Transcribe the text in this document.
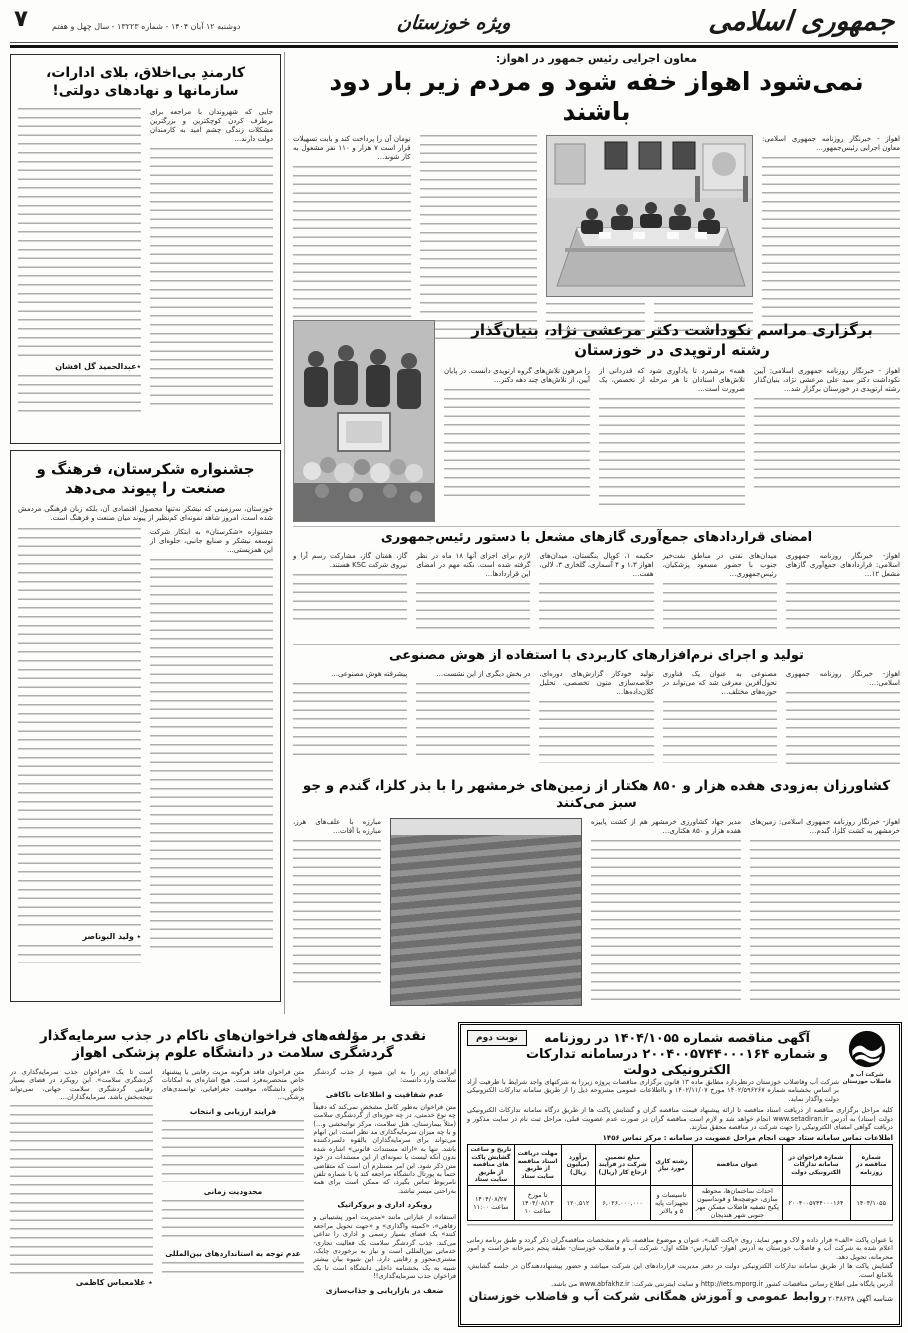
جمهوری اسلامی
ویژه خوزستان
دوشنبه ۱۲ آبان ۱۴۰۴ - شماره ۱۳۲۲۳ - سال چهل و هفتم
۷
کارمندِ بی‌اخلاق، بلای ادارات، سازمانها و نهادهای دولتی!

جایی که شهروندان با مراجعه برای برطرف کردن کوچکترین و بزرگترین مشکلات زندگی چشم امید به کارمندان دولت دارند…

٭عبدالحمید گل افشان
جشنواره شکرستان، فرهنگ و صنعت را پیوند می‌دهد

خوزستان، سرزمینی که نیشکر نه‌تنها محصول اقتصادی آن، بلکه زبان فرهنگی مردمش شده است، امروز شاهد نمونه‌ای کم‌نظیر از پیوند میان صنعت و فرهنگ است.

جشنواره «شکرستان» به ابتکار شرکت توسعه نیشکر و صنایع جانبی، جلوه‌ای از این همزیستی…

٭ ولید البوناصر
معاون اجرایی رئیس جمهور در اهواز:
نمی‌شود اهواز خفه شود و مردم زیر بار دود باشند

اهواز - خبرنگار روزنامه جمهوری اسلامی: معاون اجرایی رئیس‌جمهور…

تومان آن را پرداخت کند و بابت تسهیلات قرار است ۷ هزار و ۱۱۰ نفر مشغول به کار شوند…

برگزاری مراسم نکوداشت دکتر مرعشی نژاد، بنیان‌گذار رشته ارتوپدی در خوزستان

اهواز - خبرنگار روزنامه جمهوری اسلامی: آیین نکوداشت دکتر سید علی مرعشی نژاد، بنیان‌گذار رشته ارتوپدی در خوزستان برگزار شد…

همه» برشمرد تا یادآوری شود که قدردانی از تلاش‌های استادان تا هر مرحله از تخصص، یک ضرورت است…

را مرهون تلاش‌های گروه ارتوپدی دانست. در پایان آیین، از تلاش‌های چند دهه دکتر…

امضای قراردادهای جمع‌آوری گازهای مشعل با دستور رئیس‌جمهوری

اهواز- خبرنگار روزنامه جمهوری اسلامی: قراردادهای جمع‌آوری گازهای مشعل ۱۲…

میدان‌های نفتی در مناطق نفت‌خیز جنوب با حضور مسعود پزشکیان، رئیس‌جمهوری…

حکیمه ۱، کوپال بنگستان، میدان‌های اهواز ۱،۳ و ۴ آسماری، گلخاری ۳، لالی، هفت…

لازم برای اجرای آنها ۱۸ ماه در نظر گرفته شده است. نکته مهم در امضای این قراردادها…

گاز، هفتان گاز، مشارکت رسم آرا و نیروی شرکت KSC هستند.

تولید و اجرای نرم‌افزارهای کاربردی با استفاده از هوش مصنوعی

اهواز- خبرنگار روزنامه جمهوری اسلامی:…

مصنوعی به عنوان یک فناوری تحول‌آفرین معرفی شد که می‌تواند در حوزه‌های مختلف…

تولید خودکار گزارش‌های دوره‌ای، خلاصه‌سازی متون تخصصی، تحلیل کلان‌داده‌ها…

در بخش دیگری از این نشست…

پیشرفته هوش مصنوعی…

کشاورزان به‌زودی هفده هزار و ۸۵۰ هکتار از زمین‌های خرمشهر را با بذر کلزا، گندم و جو سبز می‌کنند

اهواز- خبرنگار روزنامه جمهوری اسلامی: زمین‌های خرمشهر به کشت کلزا، گندم…

مدیر جهاد کشاورزی خرمشهر هم از کشت پاییزه هفده هزار و ۸۵۰ هکتاری…

مبارزه با علف‌های هرز، مبارزه با آفات…

نقدی بر مؤلفه‌های فراخوان‌های ناکام در جذب سرمایه‌گذار گردشگری سلامت در دانشگاه علوم پزشکی اهواز

ایرادهای زیر را به این شیوه از جذب گردشگر سلامت وارد دانست:

عدم شفافیت و اطلاعات ناکافی

متن فراخوان به‌طور کامل مشخص نمی‌کند که دقیقاً چه نوع خدمتی، در چه حوزه‌ای از گردشگری سلامت (مثلاً بیمارستان، هتل سلامت، مرکز توانبخشی و…) و با چه میزان سرمایه‌گذاری مد نظر است. این ابهام می‌تواند برای سرمایه‌گذاران بالقوه دلسردکننده باشد. تنها به «ارائه مستندات قانونی» اشاره شده بدون آنکه لیست یا نمونه‌ای از این مستندات در خود متن ذکر شود. این امر مستلزم آن است که متقاضی حتماً به پورتال دانشگاه مراجعه کند یا با شماره تلفن نامربوط تماس بگیرد، که ممکن است برای همه به‌راحتی میسر نباشد.

رویکرد اداری و بروکراتیک

استفاده از عباراتی مانند «مدیریت امور پشتیبانی و رفاهی»، «کمیته واگذاری» و «جهت تحویل مراجعه کنند» یک فضای بسیار رسمی و اداری را تداعی می‌کند. جذب گردشگر سلامت یک فعالیت تجاری-خدماتی بین‌المللی است و نیاز به برخوردی چابک، مشتری‌محور و رقابتی دارد. این شیوه بیان بیشتر شبیه به یک بخشنامه داخلی دانشگاه است تا یک فراخوان جذب سرمایه‌گذاری!!

ضعف در بازاریابی و جذاب‌سازی

متن فراخوان فاقد هرگونه مزیت رقابتی یا پیشنهاد خاص منحصربه‌فرد است. هیچ اشاره‌ای به امکانات خاص دانشگاه، موقعیت جغرافیایی، توانمندی‌های پزشکی…

فرایند ارزیابی و انتخاب
محدودیت زمانی
عدم توجه به استانداردهای بین‌المللی

است تا یک «فراخوان جذب سرمایه‌گذاری در گردشگری سلامت». این رویکرد در فضای بسیار رقابتی گردشگری سلامت جهانی، نمی‌تواند نتیجه‌بخش باشد. سرمایه‌گذاران…

٭ غلامعباس کاظمی
نوبت دوم
شرکت آب و فاضلاب خوزستان
آگهی مناقصه شماره ۱۴۰۴/۱۰۵۵ در روزنامه
و شماره ۲۰۰۴۰۰۵۷۴۴۰۰۰۱۶۴ درسامانه تدارکات الکترونیکی دولت

شرکت آب وفاضلاب خوزستان درنظردارد مطابق ماده ۱۳ قانون برگزاری مناقصات پروژه زیررا به شرکتهای واجد شرایط با ظرفیت آزاد بر اساس بخشنامه شماره ۱۴۰۲/۵۹۶۲۶۷ مورخ ۱۴۰۲/۱۱/۰۷ و بااطلاعات عمومی مشروحه ذیل را از طریق سامانه تدارکات الکترونیکی دولت واگذار نماید.

کلیه مراحل برگزاری مناقصه از دریافت اسناد مناقصه تا ارائه پیشنهاد قیمت مناقصه گران و گشایش پاکت ها از طریق درگاه سامانه تدارکات الکترونیکی دولت (ستاد) به آدرس www.setadiran.ir انجام خواهد شد و لازم است مناقصه گران در صورت عدم عضویت قبلی، مراحل ثبت نام در سایت مذکور و دریافت گواهی امضای الکترونیکی را جهت شرکت در مناقصه محقق سازند.

اطلاعات تماس سامانه ستاد جهت انجام مراحل عضویت در سامانه : مرکز تماس ۱۴۵۶
شماره مناقصه در روزنامه	شماره فراخوان در سامانه تدارکات الکترونیکی دولت	عنوان مناقصه	رشته کاری مورد نیاز	مبلغ تضمین شرکت در فرایند ارجاع کار (ریال)	برآورد (میلیون ریال)	مهلت دریافت اسناد مناقصه از طریق سایت ستاد	تاریخ و ساعت گشایش پاکت های مناقصه از طریق سایت ستاد
۱۴۰۴/۱۰۵۵	۲۰۰۴۰۰۵۷۴۴۰۰۰۱۶۴	احداث ساختمان‌ها، محوطه سازی، حوضچه‌ها و فونداسیون پکیج تصفیه فاضلاب مسکن مهر جنوبی شهر هندیجان	تاسیسات و تجهیزات پایه ۵ و بالاتر	۶,۰۲۶,۰۰۰,۰۰۰	۱۲۰,۵۱۲	تا مورخ ۱۴۰۴/۰۸/۱۳ ساعت ۱۰	۱۴۰۴/۰۸/۲۷ ساعت ۱۱:۰۰

با عنوان پاکت «الف» قرار داده و لاک و مهر نماید. روی «پاکت الف»، عنوان و موضوع مناقصه، نام و مشخصات مناقصه‌گران ذکر گردد و طبق برنامه زمانی اعلام شده به شرکت آب و فاضلاب خوزستان به آدرس اهواز- کیانپارس- فلکه اول- شرکت آب و فاضلاب خوزستان- طبقه پنجم دبیرخانه حراست و امور محرمانه، تحویل دهد.

گشایش پاکت ها از طریق سامانه تدارکات الکترونیکی دولت در دفتر مدیریت قراردادهای این شرکت میباشد و حضور پیشنهاددهندگان در جلسه گشایش، بلامانع است.

آدرس پایگاه ملی اطلاع رسانی مناقصات کشور http://iets.mporg.ir و سایت اینترنتی شرکت: www.abfakhz.ir می باشد.

شناسه آگهی ۲۰۳۸۶۳۸
روابط عمومی و آموزش همگانی شرکت آب و فاضلاب خوزستان
